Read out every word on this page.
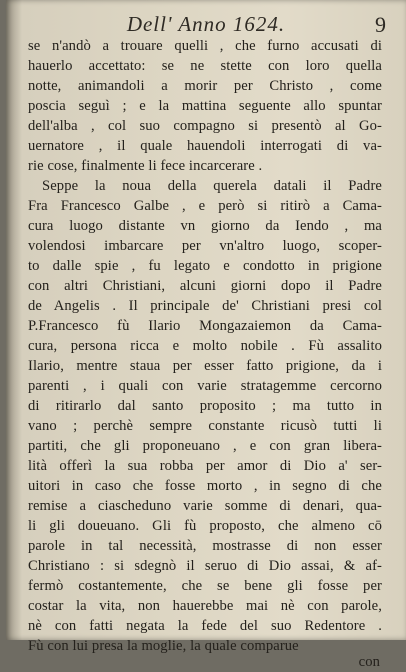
Dell' Anno 1624.	9
se n'andò a trouare quelli , che furno accusati di
hauerlo accettato: se ne stette con loro quella
notte, animandoli a morir per Christo , come
poscia seguì ; e la mattina seguente allo spuntar
dell'alba , col suo compagno si presentò al Go-
uernatore , il quale hauendoli interrogati di va-
rie cose, finalmente li fece incarcerare .
Seppe la noua della querela datali il Padre
Fra Francesco Galbe , e però si ritirò a Cama-
cura luogo distante vn giorno da Iendo , ma
volendosi imbarcare per vn'altro luogo, scoper-
to dalle spie , fu legato e condotto in prigione
con altri Christiani, alcuni giorni dopo il Padre
de Angelis . Il principale de' Christiani presi col
P.Francesco fù Ilario Mongazaiemon da Cama-
cura, persona ricca e molto nobile . Fù assalito
Ilario, mentre staua per esser fatto prigione, da i
parenti , i quali con varie stratagemme cercorno
di ritirarlo dal santo proposito ; ma tutto in
vano ; perchè sempre constante ricusò tutti li
partiti, che gli proponeuano , e con gran libera-
lità offerì la sua robba per amor di Dio a' ser-
uitori in caso che fosse morto , in segno di che
remise a ciascheduno varie somme di denari, qua-
li gli doueuano. Gli fù proposto, che almeno cō
parole in tal necessità, mostrasse di non esser
Christiano : si sdegnò il seruo di Dio assai, & af-
fermò costantemente, che se bene gli fosse per
costar la vita, non hauerebbe mai nè con parole,
nè con fatti negata la fede del suo Redentore .
Fù con lui presa la moglie, la quale comparue
con
